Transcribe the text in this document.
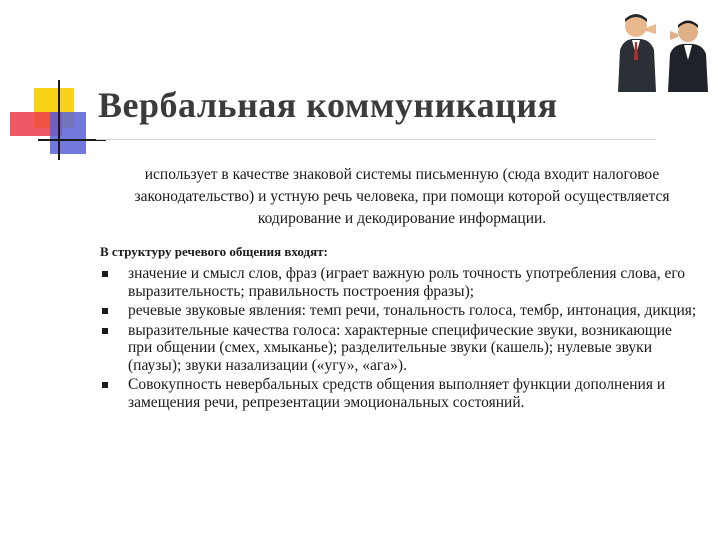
Вербальная коммуникация
использует в качестве знаковой системы письменную (сюда входит налоговое законодательство) и устную речь человека, при помощи которой осуществляется кодирование и декодирование информации.
В структуру речевого общения входят:
значение и смысл слов, фраз (играет важную роль точность употребления слова, его выразительность; правильность построения фразы);
речевые звуковые явления: темп речи, тональность голоса, тембр, интонация, дикция;
выразительные качества голоса: характерные специфические звуки, возникающие при общении (смех, хмыканье); разделительные звуки (кашель); нулевые звуки (паузы); звуки назализации («угу», «ага»).
Совокупность невербальных средств общения выполняет функции дополнения и замещения речи, репрезентации эмоциональных состояний.
